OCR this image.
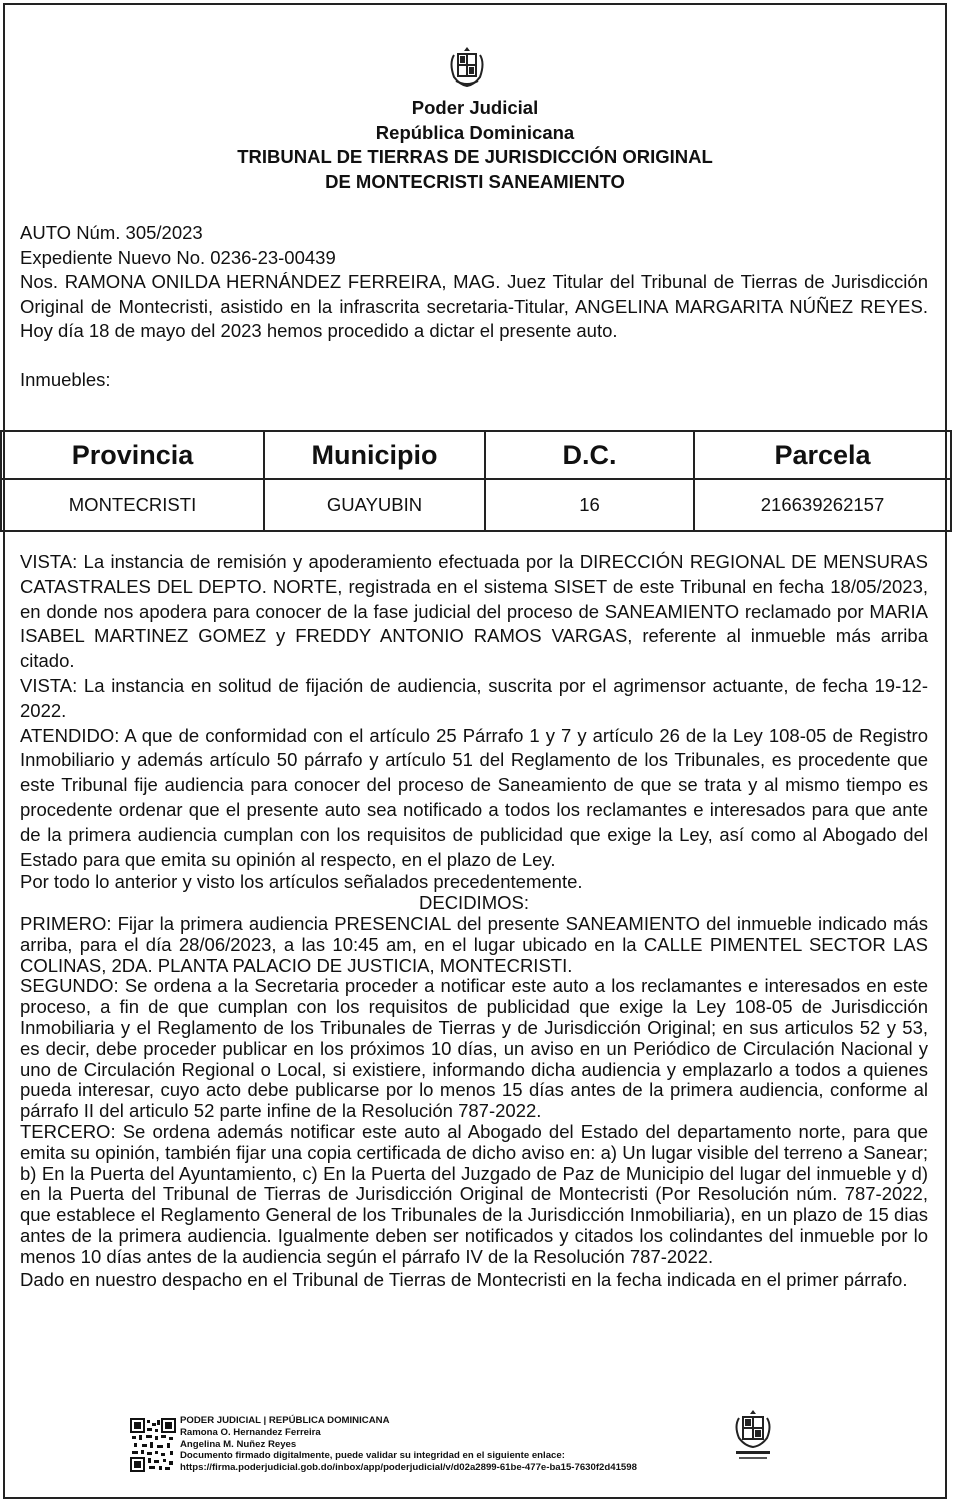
Poder Judicial
República Dominicana
TRIBUNAL DE TIERRAS DE JURISDICCIÓN ORIGINAL
DE MONTECRISTI SANEAMIENTO

AUTO Núm. 305/2023

Expediente Nuevo No. 0236-23-00439

Nos. RAMONA ONILDA HERNÁNDEZ FERREIRA, MAG. Juez Titular del Tribunal de Tierras de Jurisdicción Original de Montecristi, asistido en la infrascrita secretaria-Titular, ANGELINA MARGARITA NÚÑEZ REYES. Hoy día 18 de mayo del 2023 hemos procedido a dictar el presente auto.

Inmuebles:

Provincia	Municipio	D.C.	Parcela
MONTECRISTI	GUAYUBIN	16	216639262157

VISTA: La instancia de remisión y apoderamiento efectuada por la DIRECCIÓN REGIONAL DE MENSURAS CATASTRALES DEL DEPTO. NORTE, registrada en el sistema SISET de este Tribunal en fecha 18/05/2023, en donde nos apodera para conocer de la fase judicial del proceso de SANEAMIENTO reclamado por MARIA ISABEL MARTINEZ GOMEZ y FREDDY ANTONIO RAMOS VARGAS, referente al inmueble más arriba citado.

VISTA: La instancia en solitud de fijación de audiencia, suscrita por el agrimensor actuante, de fecha 19-12-2022.

ATENDIDO: A que de conformidad con el artículo 25 Párrafo 1 y 7 y artículo 26 de la Ley 108-05 de Registro Inmobiliario y además artículo 50 párrafo y artículo 51 del Reglamento de los Tribunales, es procedente que este Tribunal fije audiencia para conocer del proceso de Saneamiento de que se trata y al mismo tiempo es procedente ordenar que el presente auto sea notificado a todos los reclamantes e interesados para que ante de la primera audiencia cumplan con los requisitos de publicidad que exige la Ley, así como al Abogado del Estado para que emita su opinión al respecto, en el plazo de Ley.

Por todo lo anterior y visto los artículos señalados precedentemente.

DECIDIMOS:

PRIMERO: Fijar la primera audiencia PRESENCIAL del presente SANEAMIENTO del inmueble indicado más arriba, para el día 28/06/2023, a las 10:45 am, en el lugar ubicado en la CALLE PIMENTEL SECTOR LAS COLINAS, 2DA. PLANTA PALACIO DE JUSTICIA, MONTECRISTI.

SEGUNDO: Se ordena a la Secretaria proceder a notificar este auto a los reclamantes e interesados en este proceso, a fin de que cumplan con los requisitos de publicidad que exige la Ley 108-05 de Jurisdicción Inmobiliaria y el Reglamento de los Tribunales de Tierras y de Jurisdicción Original; en sus articulos 52 y 53, es decir, debe proceder publicar en los próximos 10 días, un aviso en un Periódico de Circulación Nacional y uno de Circulación Regional o Local, si existiere, informando dicha audiencia y emplazarlo a todos a quienes pueda interesar, cuyo acto debe publicarse por lo menos 15 días antes de la primera audiencia, conforme al párrafo II del articulo 52 parte infine de la Resolución 787-2022.

TERCERO: Se ordena además notificar este auto al Abogado del Estado del departamento norte, para que emita su opinión, también fijar una copia certificada de dicho aviso en: a) Un lugar visible del terreno a Sanear; b) En la Puerta del Ayuntamiento, c) En la Puerta del Juzgado de Paz de Municipio del lugar del inmueble y d) en la Puerta del Tribunal de Tierras de Jurisdicción Original de Montecristi (Por Resolución núm. 787-2022, que establece el Reglamento General de los Tribunales de la Jurisdicción Inmobiliaria), en un plazo de 15 dias antes de la primera audiencia. Igualmente deben ser notificados y citados los colindantes del inmueble por lo menos 10 días antes de la audiencia según el párrafo IV de la Resolución 787-2022.

Dado en nuestro despacho en el Tribunal de Tierras de Montecristi en la fecha indicada en el primer párrafo.

PODER JUDICIAL | REPÚBLICA DOMINICANA
Ramona O. Hernandez Ferreira
Angelina M. Nuñez Reyes
Documento firmado digitalmente, puede validar su integridad en el siguiente enlace:
https://firma.poderjudicial.gob.do/inbox/app/poderjudicial/v/d02a2899-61be-477e-ba15-7630f2d41598
